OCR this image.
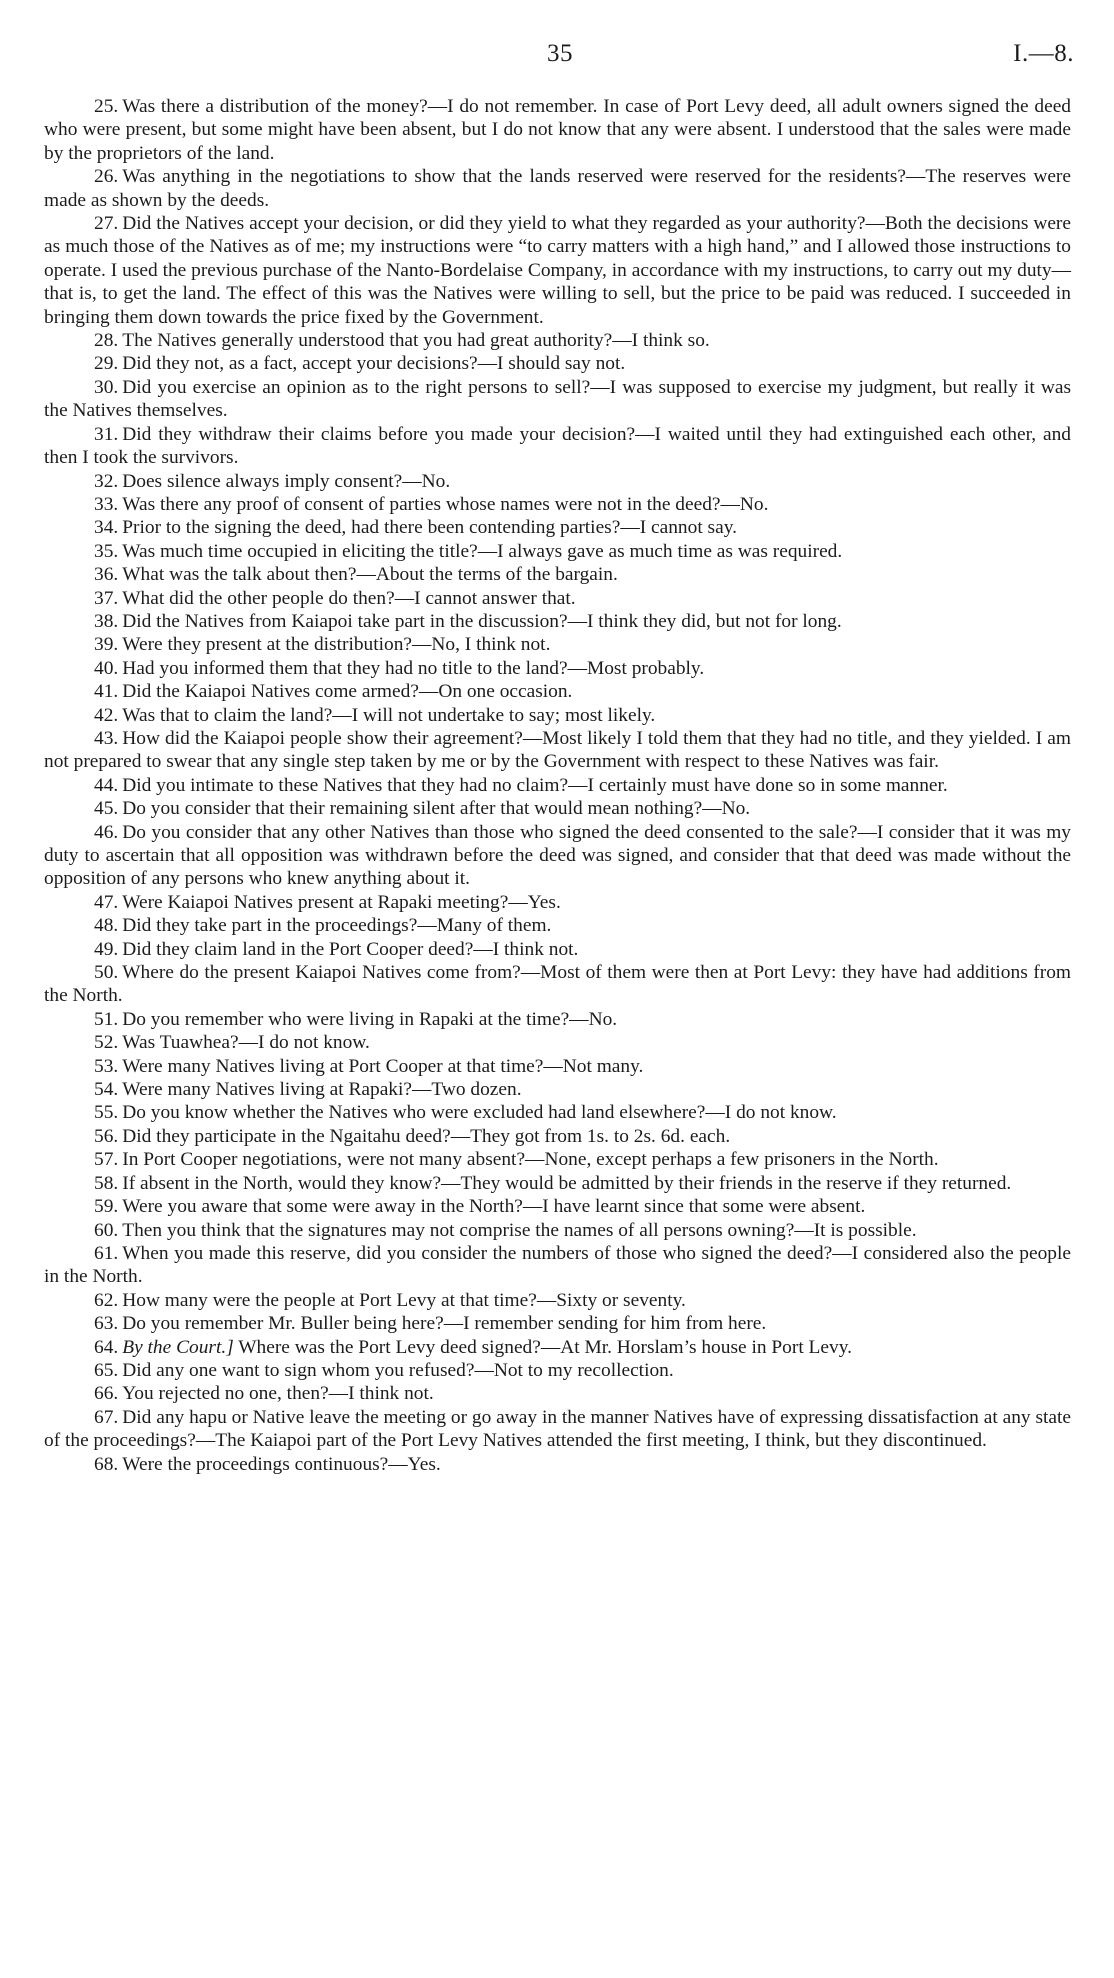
35	I.—8.

25. Was there a distribution of the money?—I do not remember. In case of Port Levy deed, all adult owners signed the deed who were present, but some might have been absent, but I do not know that any were absent. I understood that the sales were made by the proprietors of the land.

26. Was anything in the negotiations to show that the lands reserved were reserved for the residents?—The reserves were made as shown by the deeds.

27. Did the Natives accept your decision, or did they yield to what they regarded as your authority?—Both the decisions were as much those of the Natives as of me; my instructions were “to carry matters with a high hand,” and I allowed those instructions to operate. I used the previous purchase of the Nanto-Bordelaise Company, in accordance with my instructions, to carry out my duty—that is, to get the land. The effect of this was the Natives were willing to sell, but the price to be paid was reduced. I succeeded in bringing them down towards the price fixed by the Government.

28. The Natives generally understood that you had great authority?—I think so.

29. Did they not, as a fact, accept your decisions?—I should say not.

30. Did you exercise an opinion as to the right persons to sell?—I was supposed to exercise my judgment, but really it was the Natives themselves.

31. Did they withdraw their claims before you made your decision?—I waited until they had extinguished each other, and then I took the survivors.

32. Does silence always imply consent?—No.

33. Was there any proof of consent of parties whose names were not in the deed?—No.

34. Prior to the signing the deed, had there been contending parties?—I cannot say.

35. Was much time occupied in eliciting the title?—I always gave as much time as was required.

36. What was the talk about then?—About the terms of the bargain.

37. What did the other people do then?—I cannot answer that.

38. Did the Natives from Kaiapoi take part in the discussion?—I think they did, but not for long.

39. Were they present at the distribution?—No, I think not.

40. Had you informed them that they had no title to the land?—Most probably.

41. Did the Kaiapoi Natives come armed?—On one occasion.

42. Was that to claim the land?—I will not undertake to say; most likely.

43. How did the Kaiapoi people show their agreement?—Most likely I told them that they had no title, and they yielded. I am not prepared to swear that any single step taken by me or by the Government with respect to these Natives was fair.

44. Did you intimate to these Natives that they had no claim?—I certainly must have done so in some manner.

45. Do you consider that their remaining silent after that would mean nothing?—No.

46. Do you consider that any other Natives than those who signed the deed consented to the sale?—I consider that it was my duty to ascertain that all opposition was withdrawn before the deed was signed, and consider that that deed was made without the opposition of any persons who knew anything about it.

47. Were Kaiapoi Natives present at Rapaki meeting?—Yes.

48. Did they take part in the proceedings?—Many of them.

49. Did they claim land in the Port Cooper deed?—I think not.

50. Where do the present Kaiapoi Natives come from?—Most of them were then at Port Levy: they have had additions from the North.

51. Do you remember who were living in Rapaki at the time?—No.

52. Was Tuawhea?—I do not know.

53. Were many Natives living at Port Cooper at that time?—Not many.

54. Were many Natives living at Rapaki?—Two dozen.

55. Do you know whether the Natives who were excluded had land elsewhere?—I do not know.

56. Did they participate in the Ngaitahu deed?—They got from 1s. to 2s. 6d. each.

57. In Port Cooper negotiations, were not many absent?—None, except perhaps a few prisoners in the North.

58. If absent in the North, would they know?—They would be admitted by their friends in the reserve if they returned.

59. Were you aware that some were away in the North?—I have learnt since that some were absent.

60. Then you think that the signatures may not comprise the names of all persons owning?—It is possible.

61. When you made this reserve, did you consider the numbers of those who signed the deed?—I considered also the people in the North.

62. How many were the people at Port Levy at that time?—Sixty or seventy.

63. Do you remember Mr. Buller being here?—I remember sending for him from here.

64. By the Court.] Where was the Port Levy deed signed?—At Mr. Horslam’s house in Port Levy.

65. Did any one want to sign whom you refused?—Not to my recollection.

66. You rejected no one, then?—I think not.

67. Did any hapu or Native leave the meeting or go away in the manner Natives have of expressing dissatisfaction at any state of the proceedings?—The Kaiapoi part of the Port Levy Natives attended the first meeting, I think, but they discontinued.

68. Were the proceedings continuous?—Yes.
